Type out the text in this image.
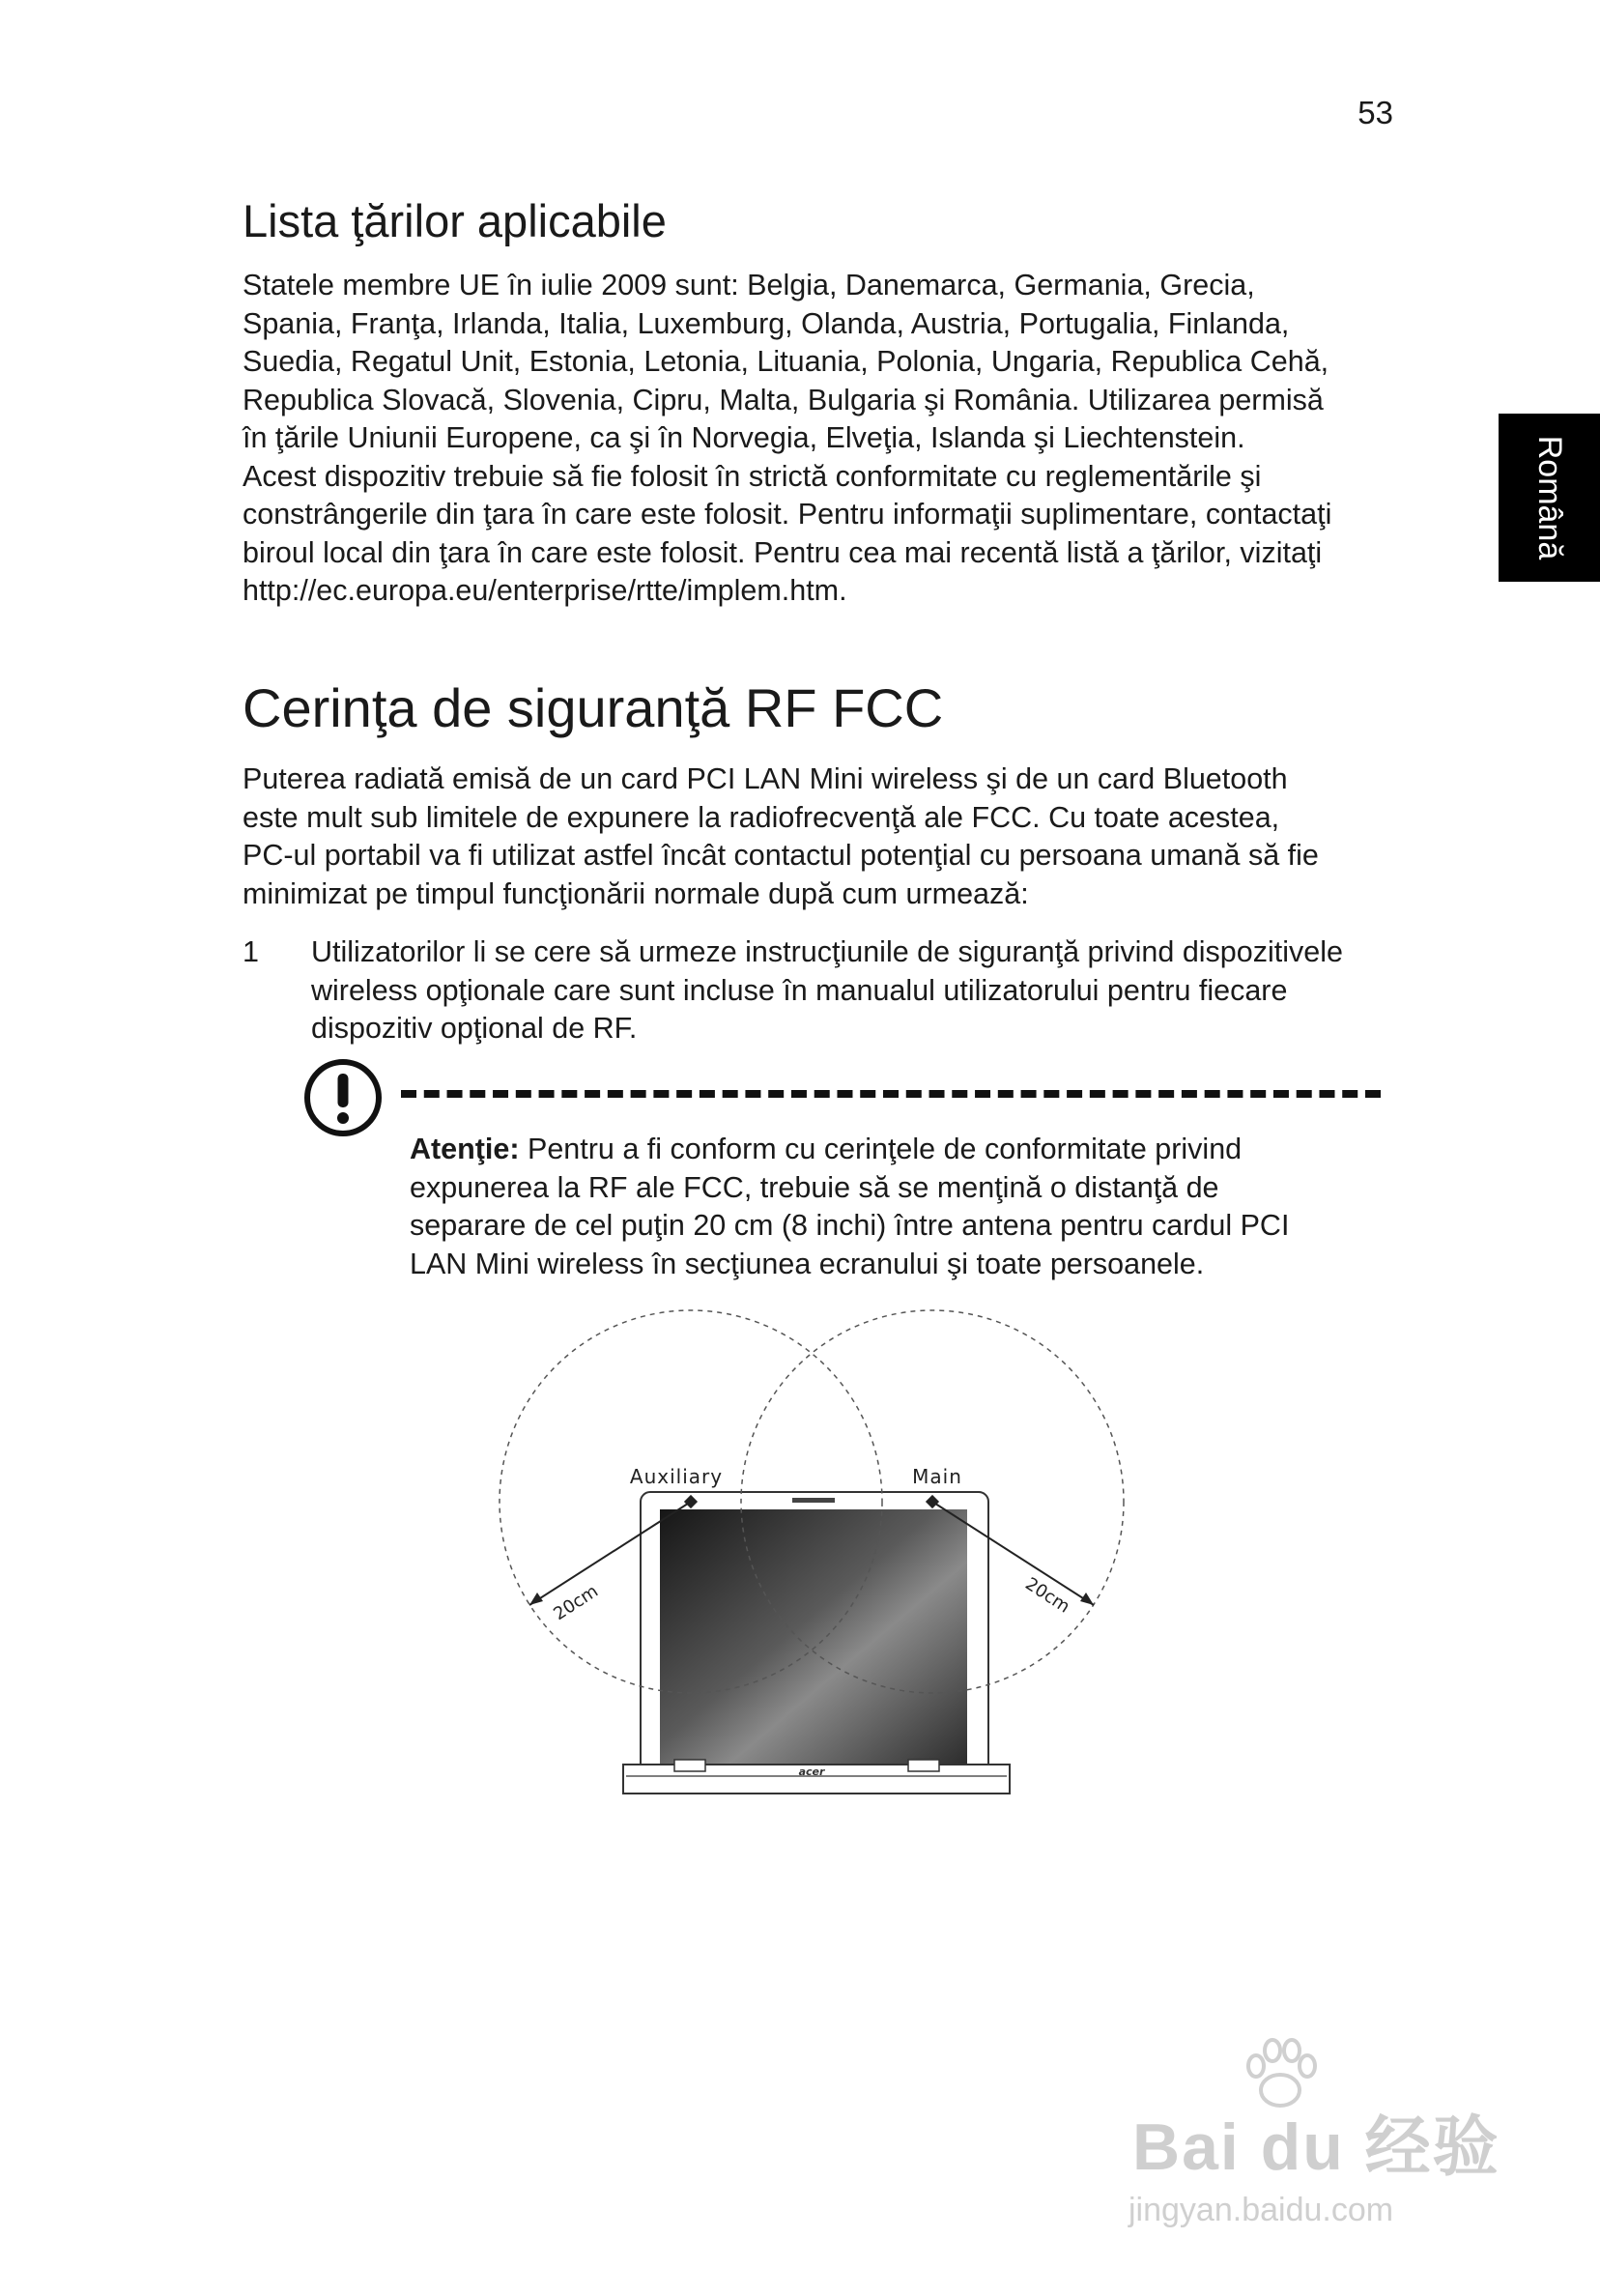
53
Română
Lista ţărilor aplicabile

Statele membre UE în iulie 2009 sunt: Belgia, Danemarca, Germania, Grecia,

Spania, Franţa, Irlanda, Italia, Luxemburg, Olanda, Austria, Portugalia, Finlanda,

Suedia, Regatul Unit, Estonia, Letonia, Lituania, Polonia, Ungaria, Republica Cehă,

Republica Slovacă, Slovenia, Cipru, Malta, Bulgaria şi România. Utilizarea permisă

în ţările Uniunii Europene, ca şi în Norvegia, Elveţia, Islanda şi Liechtenstein.

Acest dispozitiv trebuie să fie folosit în strictă conformitate cu reglementările şi

constrângerile din ţara în care este folosit. Pentru informaţii suplimentare, contactaţi

biroul local din ţara în care este folosit. Pentru cea mai recentă listă a ţărilor, vizitaţi

http://ec.europa.eu/enterprise/rtte/implem.htm.

Cerinţa de siguranţă RF FCC

Puterea radiată emisă de un card PCI LAN Mini wireless şi de un card Bluetooth

este mult sub limitele de expunere la radiofrecvenţă ale FCC. Cu toate acestea,

PC-ul portabil va fi utilizat astfel încât contactul potenţial cu persoana umană să fie

minimizat pe timpul funcţionării normale după cum urmează:

1 Utilizatorilor li se cere să urmeze instrucţiunile de siguranţă privind dispozitivele

wireless opţionale care sunt incluse în manualul utilizatorului pentru fiecare

dispozitiv opţional de RF.

Atenţie: Pentru a fi conform cu cerinţele de conformitate privind

expunerea la RF ale FCC, trebuie să se menţină o distanţă de

separare de cel puţin 20 cm (8 inchi) între antena pentru cardul PCI

LAN Mini wireless în secţiunea ecranului şi toate persoanele.

acer
Auxiliary	Main
20cm	20cm
Bai du 经验
jingyan.baidu.com
